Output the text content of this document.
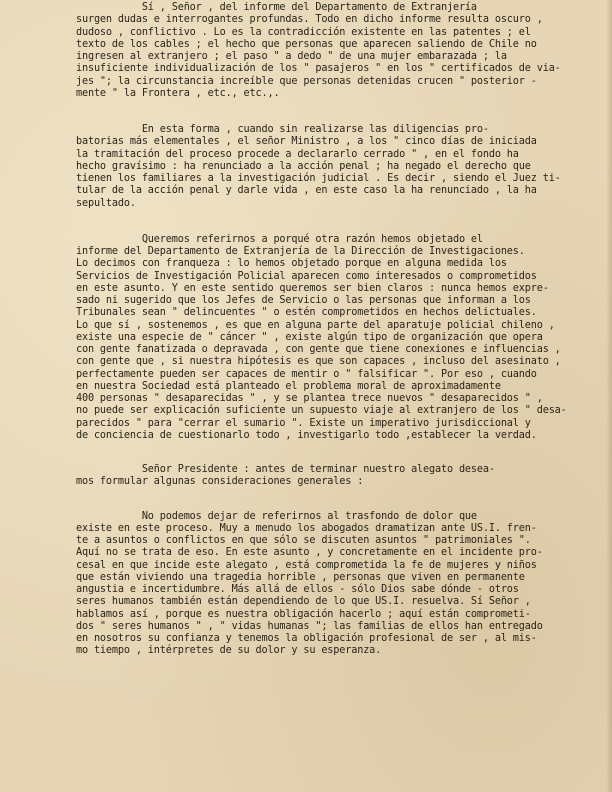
Sí , Señor , del informe del Departamento de Extranjería
surgen dudas e interrogantes profundas. Todo en dicho informe resulta oscuro ,
dudoso , conflictivo . Lo es la contradicción existente en las patentes ; el
texto de los cables ; el hecho que personas que aparecen saliendo de Chile no
ingresen al extranjero ; el paso " a dedo " de una mujer embarazada ; la
insuficiente individualización de los " pasajeros " en los " certificados de via-
jes "; la circunstancia increíble que personas detenidas crucen " posterior -
mente " la Frontera , etc., etc.,.
En esta forma , cuando sin realizarse las diligencias pro-
batorias más elementales , el señor Ministro , a los " cinco días de iniciada
la tramitación del proceso procede a declararlo cerrado " , en el fondo ha
hecho gravísimo : ha renunciado a la acción penal ; ha negado el derecho que
tienen los familiares a la investigación judicial . Es decir , siendo el Juez ti-
tular de la acción penal y darle vida , en este caso la ha renunciado , la ha
sepultado.
Queremos referirnos a porqué otra razón hemos objetado el
informe del Departamento de Extranjería de la Dirección de Investigaciones.
Lo decimos con franqueza : lo hemos objetado porque en alguna medida los
Servicios de Investigación Policial aparecen como interesados o comprometidos
en este asunto. Y en este sentido queremos ser bien claros : nunca hemos expre-
sado ni sugerido que los Jefes de Servicio o las personas que informan a los
Tribunales sean " delincuentes " o estén comprometidos en hechos delictuales.
Lo que sí , sostenemos , es que en alguna parte del aparatuje policial chileno ,
existe una especie de " cáncer " , existe algún tipo de organización que opera
con gente fanatizada o depravada , con gente que tiene conexiones e influencias ,
con gente que , si nuestra hipótesis es que son capaces , incluso del asesinato ,
perfectamente pueden ser capaces de mentir o " falsificar ". Por eso , cuando
en nuestra Sociedad está planteado el problema moral de aproximadamente
400 personas " desaparecidas " , y se plantea trece nuevos " desaparecidos " ,
no puede ser explicación suficiente un supuesto viaje al extranjero de los " desa-
parecidos " para "cerrar el sumario ". Existe un imperativo jurisdiccional y
de conciencia de cuestionarlo todo , investigarlo todo ,establecer la verdad.
Señor Presidente : antes de terminar nuestro alegato desea-
mos formular algunas consideraciones generales :
No podemos dejar de referirnos al trasfondo de dolor que
existe en este proceso. Muy a menudo los abogados dramatizan ante US.I. fren-
te a asuntos o conflictos en que sólo se discuten asuntos " patrimoniales ".
Aquí no se trata de eso. En este asunto , y concretamente en el incidente pro-
cesal en que incide este alegato , está comprometida la fe de mujeres y niños
que están viviendo una tragedia horrible , personas que viven en permanente
angustia e incertidumbre. Más allá de ellos - sólo Dios sabe dónde - otros
seres humanos también están dependiendo de lo que US.I. resuelva. Sí Señor ,
hablamos así , porque es nuestra obligación hacerlo ; aquí están comprometi-
dos " seres humanos " , " vidas humanas "; las familias de ellos han entregado
en nosotros su confianza y tenemos la obligación profesional de ser , al mis-
mo tiempo , intérpretes de su dolor y su esperanza.
